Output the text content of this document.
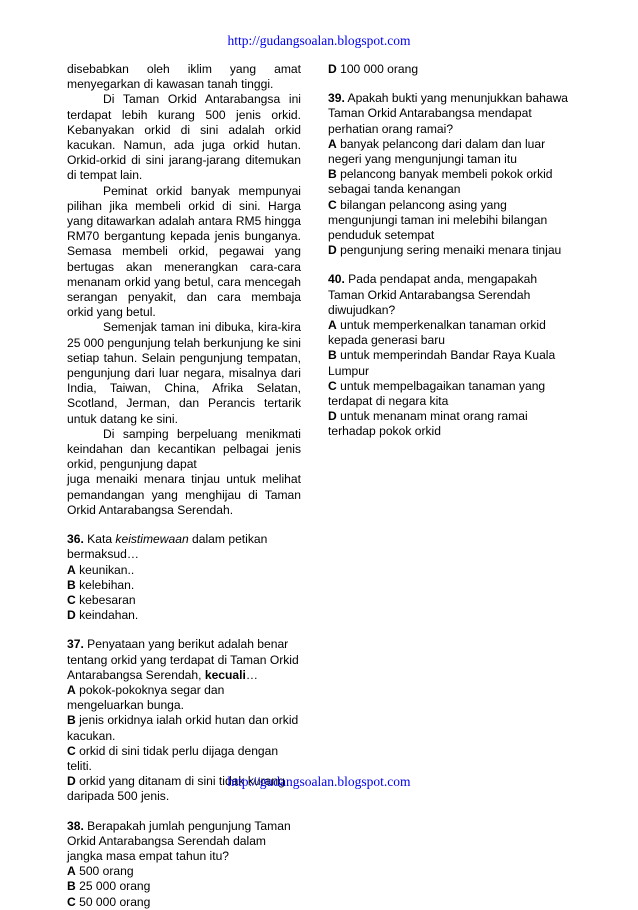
http://gudangsoalan.blogspot.com

disebabkan oleh iklim yang amat menyegarkan di kawasan tanah tinggi.

Di Taman Orkid Antarabangsa ini terdapat lebih kurang 500 jenis orkid. Kebanyakan orkid di sini adalah orkid kacukan. Namun, ada juga orkid hutan. Orkid-orkid di sini jarang-jarang ditemukan di tempat lain.

Peminat orkid banyak mempunyai pilihan jika membeli orkid di sini. Harga yang ditawarkan adalah antara RM5 hingga RM70 bergantung kepada jenis bunganya. Semasa membeli orkid, pegawai yang bertugas akan menerangkan cara-cara menanam orkid yang betul, cara mencegah serangan penyakit, dan cara membaja orkid yang betul.

Semenjak taman ini dibuka, kira-kira 25 000 pengunjung telah berkunjung ke sini setiap tahun. Selain pengunjung tempatan, pengunjung dari luar negara, misalnya dari India, Taiwan, China, Afrika Selatan, Scotland, Jerman, dan Perancis tertarik untuk datang ke sini.

Di samping berpeluang menikmati keindahan dan kecantikan pelbagai jenis orkid, pengunjung dapat

juga menaiki menara tinjau untuk melihat pemandangan yang menghijau di Taman Orkid Antarabangsa Serendah.

36. Kata keistimewaan dalam petikan bermaksud…

A keunikan..

B kelebihan.

C kebesaran

D keindahan.

37. Penyataan yang berikut adalah benar tentang orkid yang terdapat di Taman Orkid Antarabangsa Serendah, kecuali…

A pokok-pokoknya segar dan mengeluarkan bunga.

B jenis orkidnya ialah orkid hutan dan orkid kacukan.

C orkid di sini tidak perlu dijaga dengan teliti.

D orkid yang ditanam di sini tidak kurang daripada 500 jenis.

38. Berapakah jumlah pengunjung Taman Orkid Antarabangsa Serendah dalam jangka masa empat tahun itu?

A 500 orang

B 25 000 orang

C 50 000 orang

D 100 000 orang

39. Apakah bukti yang menunjukkan bahawa Taman Orkid Antarabangsa mendapat perhatian orang ramai?

A banyak pelancong dari dalam dan luar negeri yang mengunjungi taman itu

B pelancong banyak membeli pokok orkid sebagai tanda kenangan

C bilangan pelancong asing yang mengunjungi taman ini melebihi bilangan penduduk setempat

D pengunjung sering menaiki menara tinjau

40. Pada pendapat anda, mengapakah Taman Orkid Antarabangsa Serendah diwujudkan?

A untuk memperkenalkan tanaman orkid kepada generasi baru

B untuk memperindah Bandar Raya Kuala Lumpur

C untuk mempelbagaikan tanaman yang terdapat di negara kita

D untuk menanam minat orang ramai terhadap pokok orkid

http://gudangsoalan.blogspot.com
